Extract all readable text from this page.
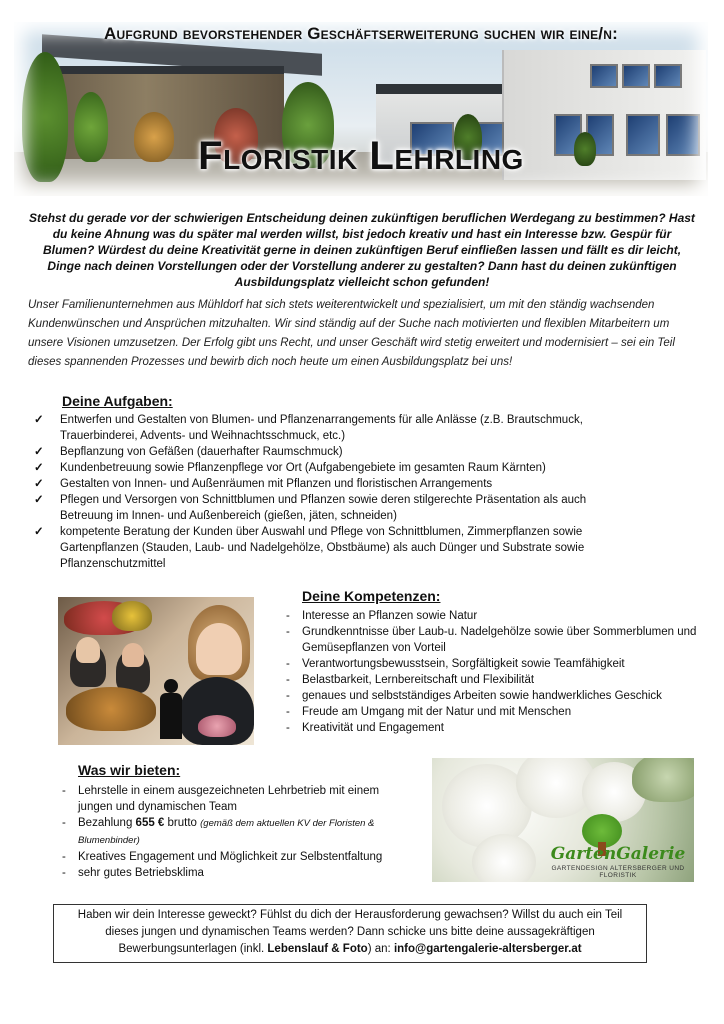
Aufgrund bevorstehender Geschäftserweiterung suchen wir eine/n:
Floristik Lehrling
Stehst du gerade vor der schwierigen Entscheidung deinen zukünftigen beruflichen Werdegang zu bestimmen? Hast du keine Ahnung was du später mal werden willst, bist jedoch kreativ und hast ein Interesse bzw. Gespür für Blumen? Würdest du deine Kreativität gerne in deinen zukünftigen Beruf einfließen lassen und fällt es dir leicht, Dinge nach deinen Vorstellungen oder der Vorstellung anderer zu gestalten? Dann hast du deinen zukünftigen Ausbildungsplatz vielleicht schon gefunden!
Unser Familienunternehmen aus Mühldorf hat sich stets weiterentwickelt und spezialisiert, um mit den ständig wachsenden Kundenwünschen und Ansprüchen mitzuhalten. Wir sind ständig auf der Suche nach motivierten und flexiblen Mitarbeitern um unsere Visionen umzusetzen. Der Erfolg gibt uns Recht, und unser Geschäft wird stetig erweitert und modernisiert – sei ein Teil dieses spannenden Prozesses und bewirb dich noch heute um einen Ausbildungsplatz bei uns!
Deine Aufgaben:
✓	Entwerfen und Gestalten von Blumen- und Pflanzenarrangements für alle Anlässe (z.B. Brautschmuck, Trauerbinderei, Advents- und Weihnachtsschmuck, etc.)
✓	Bepflanzung von Gefäßen (dauerhafter Raumschmuck)
✓	Kundenbetreuung sowie Pflanzenpflege vor Ort (Aufgabengebiete im gesamten Raum Kärnten)
✓	Gestalten von Innen- und Außenräumen mit Pflanzen und floristischen Arrangements
✓	Pflegen und Versorgen von Schnittblumen und Pflanzen sowie deren stilgerechte Präsentation als auch Betreuung im Innen- und Außenbereich (gießen, jäten, schneiden)
✓	kompetente Beratung der Kunden über Auswahl und Pflege von Schnittblumen, Zimmerpflanzen sowie Gartenpflanzen (Stauden, Laub- und Nadelgehölze, Obstbäume) als auch Dünger und Substrate sowie Pflanzenschutzmittel
Deine Kompetenzen:
-	Interesse an Pflanzen sowie Natur
-	Grundkenntnisse über Laub-u. Nadelgehölze sowie über Sommerblumen und Gemüsepflanzen von Vorteil
-	Verantwortungsbewusstsein, Sorgfältigkeit sowie Teamfähigkeit
-	Belastbarkeit, Lernbereitschaft und Flexibilität
-	genaues und selbstständiges Arbeiten sowie handwerkliches Geschick
-	Freude am Umgang mit der Natur und mit Menschen
-	Kreativität und Engagement
Was wir bieten:
-	Lehrstelle in einem ausgezeichneten Lehrbetrieb mit einem jungen und dynamischen Team
-	Bezahlung 655 € brutto (gemäß dem aktuellen KV der Floristen & Blumenbinder)
-	Kreatives Engagement und Möglichkeit zur Selbstentfaltung
-	sehr gutes Betriebsklima
GartenGalerie
GARTENDESIGN ALTERSBERGER UND FLORISTIK
Haben wir dein Interesse geweckt? Fühlst du dich der Herausforderung gewachsen? Willst du auch ein Teil dieses jungen und dynamischen Teams werden? Dann schicke uns bitte deine aussagekräftigen Bewerbungsunterlagen (inkl. Lebenslauf & Foto) an: info@gartengalerie-altersberger.at
